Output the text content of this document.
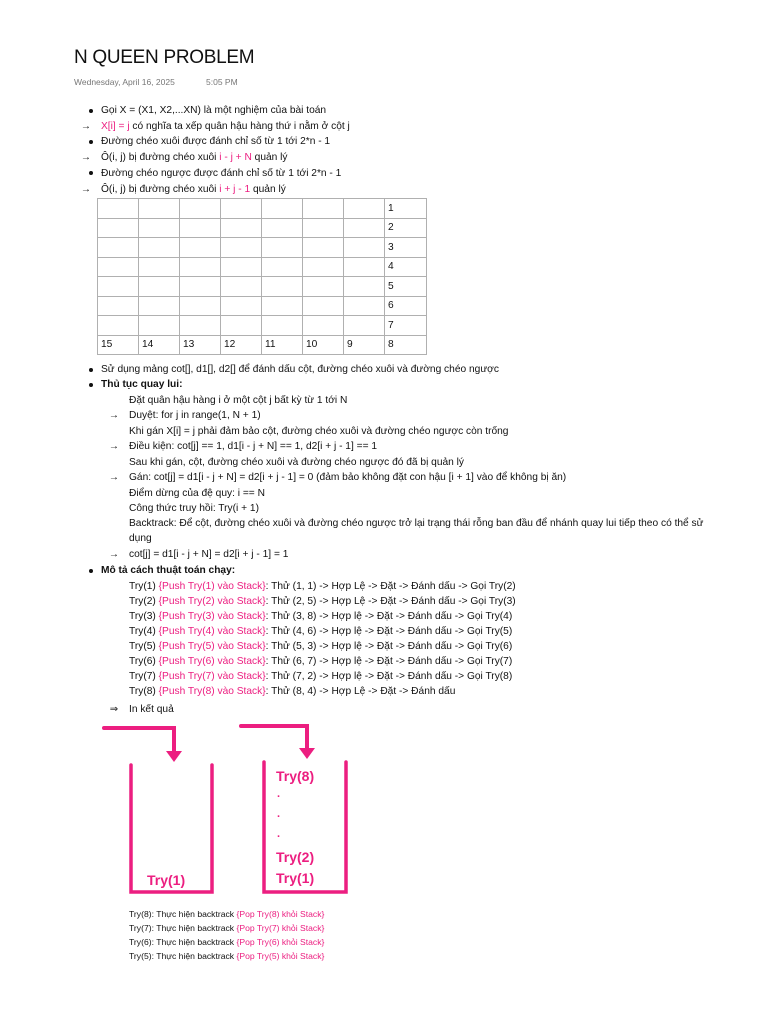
N QUEEN PROBLEM
Wednesday, April 16, 2025	5:05 PM
Gọi X = (X1, X2,...XN) là một nghiệm của bài toán
→ X[i] = j có nghĩa ta xếp quân hậu hàng thứ i nằm ở cột j
Đường chéo xuôi được đánh chỉ số từ 1 tới 2*n - 1
→ Ô(i, j) bị đường chéo xuôi i - j + N quản lý
Đường chéo ngược được đánh chỉ số từ 1 tới 2*n - 1
→ Ô(i, j) bị đường chéo xuôi i + j - 1 quản lý
							1
							2
							3
							4
							5
							6
							7
15	14	13	12	11	10	9	8
Sử dụng mảng cot[], d1[], d2[] để đánh dấu cột, đường chéo xuôi và đường chéo ngược
Thủ tục quay lui:
Đặt quân hậu hàng i ở một cột j bất kỳ từ 1 tới N
→ Duyệt: for j in range(1, N + 1)
Khi gán X[i] = j phải đảm bảo cột, đường chéo xuôi và đường chéo ngược còn trống
→ Điều kiện: cot[j] == 1, d1[i - j + N] == 1, d2[i + j - 1] == 1
Sau khi gán, cột, đường chéo xuôi và đường chéo ngược đó đã bị quản lý
→ Gán: cot[j] = d1[i - j + N] = d2[i + j - 1] = 0 (đảm bảo không đặt con hậu [i + 1] vào để không bị ăn)
Điểm dừng của đệ quy: i == N
Công thức truy hồi: Try(i + 1)
Backtrack: Để cột, đường chéo xuôi và đường chéo ngược trở lại trạng thái rỗng ban đầu để nhánh quay lui tiếp theo có thể sử
dụng
→ cot[j] = d1[i - j + N] = d2[i + j - 1] = 1
Mô tả cách thuật toán chạy:
Try(1) {Push Try(1) vào Stack}: Thử (1, 1) -> Hợp Lệ -> Đặt -> Đánh dấu -> Gọi Try(2)
Try(2) {Push Try(2) vào Stack}: Thử (2, 5) -> Hợp Lệ -> Đặt -> Đánh dấu -> Gọi Try(3)
Try(3) {Push Try(3) vào Stack}: Thử (3, 8) -> Hợp lệ -> Đặt -> Đánh dấu -> Gọi Try(4)
Try(4) {Push Try(4) vào Stack}: Thử (4, 6) -> Hợp lệ -> Đặt -> Đánh dấu -> Gọi Try(5)
Try(5) {Push Try(5) vào Stack}: Thử (5, 3) -> Hợp lệ -> Đặt -> Đánh dấu -> Gọi Try(6)
Try(6) {Push Try(6) vào Stack}: Thử (6, 7) -> Hợp lệ -> Đặt -> Đánh dấu -> Gọi Try(7)
Try(7) {Push Try(7) vào Stack}: Thử (7, 2) -> Hợp lệ -> Đặt -> Đánh dấu -> Gọi Try(8)
Try(8) {Push Try(8) vào Stack}: Thử (8, 4) -> Hợp Lệ -> Đặt -> Đánh dấu
⇒ In kết quả
Try(1)
Try(8)
.
.
.
Try(2)
Try(1)
Try(8): Thực hiện backtrack {Pop Try(8) khỏi Stack}
Try(7): Thực hiện backtrack {Pop Try(7) khỏi Stack}
Try(6): Thực hiện backtrack {Pop Try(6) khỏi Stack}
Try(5): Thực hiện backtrack {Pop Try(5) khỏi Stack}
